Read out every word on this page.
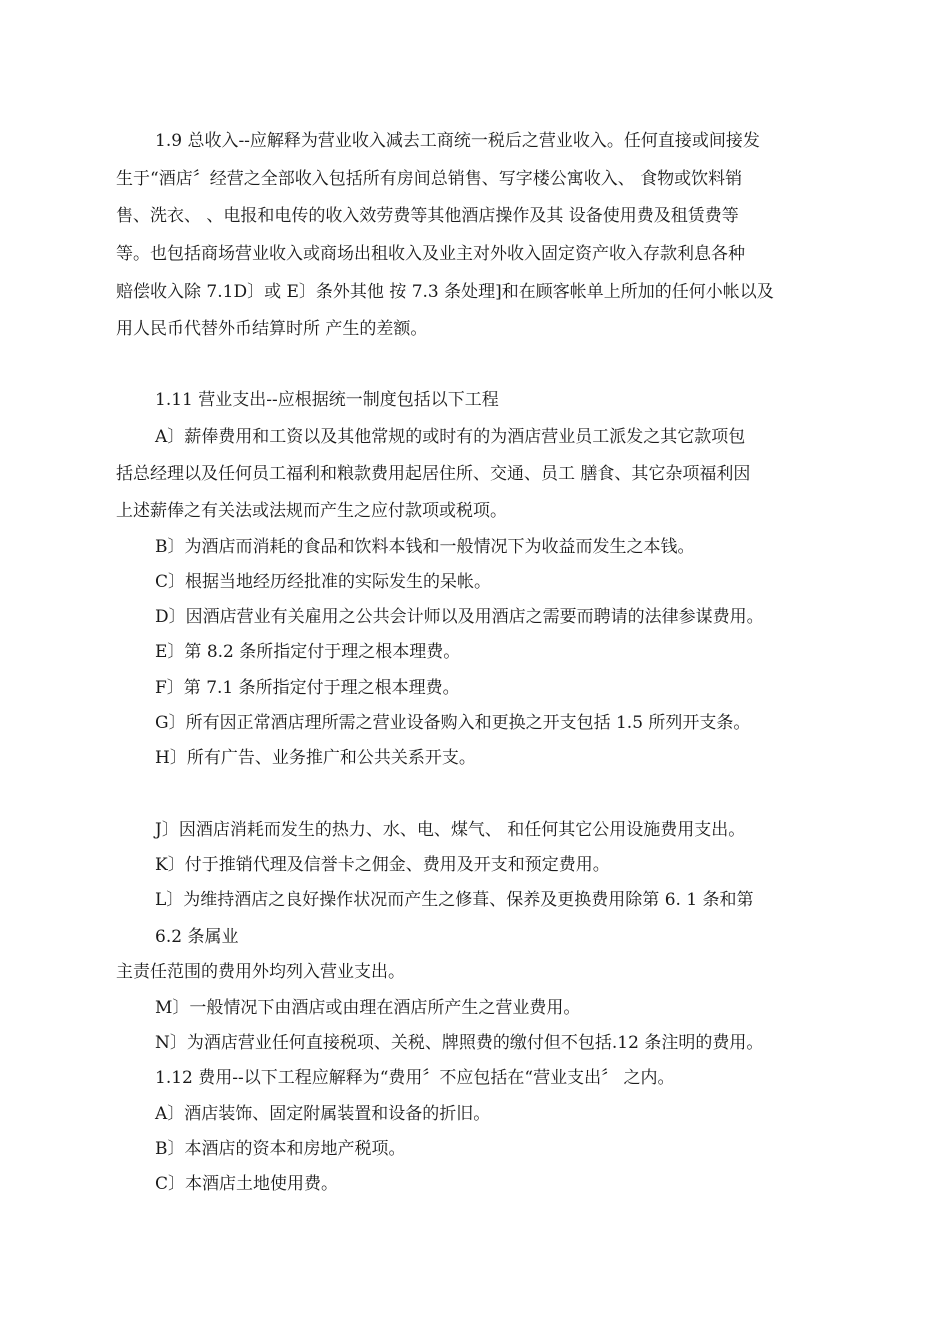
1.9 总收入--应解释为营业收入减去工商统一税后之营业收入。任何直接或间接发
生于“酒店〞经营之全部收入包括所有房间总销售、写字楼公寓收入、 食物或饮料销
售、洗衣、 、电报和电传的收入效劳费等其他酒店操作及其 设备使用费及租赁费等
等。也包括商场营业收入或商场出租收入及业主对外收入固定资产收入存款利息各种
赔偿收入除 7.1D〕或 E〕条外其他 按 7.3 条处理]和在顾客帐单上所加的任何小帐以及
用人民币代替外币结算时所 产生的差额。
1.11 营业支出--应根据统一制度包括以下工程
A〕薪俸费用和工资以及其他常规的或时有的为酒店营业员工派发之其它款项包
括总经理以及任何员工福利和粮款费用起居住所、交通、员工 膳食、其它杂项福利因
上述薪俸之有关法或法规而产生之应付款项或税项。
B〕为酒店而消耗的食品和饮料本钱和一般情况下为收益而发生之本钱。
C〕根据当地经历经批准的实际发生的呆帐。
D〕因酒店营业有关雇用之公共会计师以及用酒店之需要而聘请的法律参谋费用。
E〕第 8.2 条所指定付于理之根本理费。
F〕第 7.1 条所指定付于理之根本理费。
G〕所有因正常酒店理所需之营业设备购入和更换之开支包括 1.5 所列开支条。
H〕所有广告、业务推广和公共关系开支。
J〕因酒店消耗而发生的热力、水、电、煤气、 和任何其它公用设施费用支出。
K〕付于推销代理及信誉卡之佣金、费用及开支和预定费用。
L〕为维持酒店之良好操作状况而产生之修葺、保养及更换费用除第 6. 1 条和第
6.2 条属业
主责任范围的费用外均列入营业支出。
M〕一般情况下由酒店或由理在酒店所产生之营业费用。
N〕为酒店营业任何直接税项、关税、牌照费的缴付但不包括.12 条注明的费用。
1.12 费用--以下工程应解释为“费用〞不应包括在“营业支出〞 之内。
A〕酒店装饰、固定附属装置和设备的折旧。
B〕本酒店的资本和房地产税项。
C〕本酒店土地使用费。
